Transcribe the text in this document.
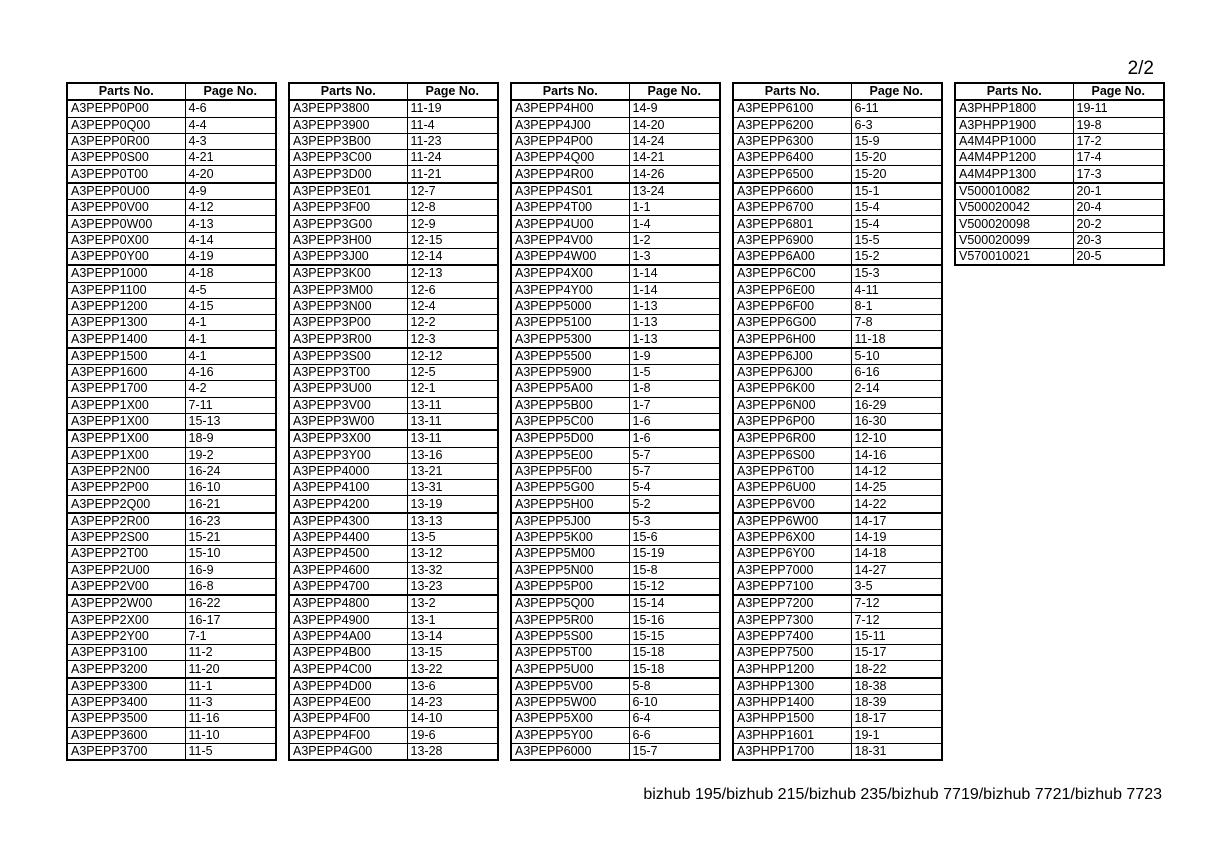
2/2
Parts No.	Page No.
A3PEPP0P00	4-6
A3PEPP0Q00	4-4
A3PEPP0R00	4-3
A3PEPP0S00	4-21
A3PEPP0T00	4-20
A3PEPP0U00	4-9
A3PEPP0V00	4-12
A3PEPP0W00	4-13
A3PEPP0X00	4-14
A3PEPP0Y00	4-19
A3PEPP1000	4-18
A3PEPP1100	4-5
A3PEPP1200	4-15
A3PEPP1300	4-1
A3PEPP1400	4-1
A3PEPP1500	4-1
A3PEPP1600	4-16
A3PEPP1700	4-2
A3PEPP1X00	7-11
A3PEPP1X00	15-13
A3PEPP1X00	18-9
A3PEPP1X00	19-2
A3PEPP2N00	16-24
A3PEPP2P00	16-10
A3PEPP2Q00	16-21
A3PEPP2R00	16-23
A3PEPP2S00	15-21
A3PEPP2T00	15-10
A3PEPP2U00	16-9
A3PEPP2V00	16-8
A3PEPP2W00	16-22
A3PEPP2X00	16-17
A3PEPP2Y00	7-1
A3PEPP3100	11-2
A3PEPP3200	11-20
A3PEPP3300	11-1
A3PEPP3400	11-3
A3PEPP3500	11-16
A3PEPP3600	11-10
A3PEPP3700	11-5
Parts No.	Page No.
A3PEPP3800	11-19
A3PEPP3900	11-4
A3PEPP3B00	11-23
A3PEPP3C00	11-24
A3PEPP3D00	11-21
A3PEPP3E01	12-7
A3PEPP3F00	12-8
A3PEPP3G00	12-9
A3PEPP3H00	12-15
A3PEPP3J00	12-14
A3PEPP3K00	12-13
A3PEPP3M00	12-6
A3PEPP3N00	12-4
A3PEPP3P00	12-2
A3PEPP3R00	12-3
A3PEPP3S00	12-12
A3PEPP3T00	12-5
A3PEPP3U00	12-1
A3PEPP3V00	13-11
A3PEPP3W00	13-11
A3PEPP3X00	13-11
A3PEPP3Y00	13-16
A3PEPP4000	13-21
A3PEPP4100	13-31
A3PEPP4200	13-19
A3PEPP4300	13-13
A3PEPP4400	13-5
A3PEPP4500	13-12
A3PEPP4600	13-32
A3PEPP4700	13-23
A3PEPP4800	13-2
A3PEPP4900	13-1
A3PEPP4A00	13-14
A3PEPP4B00	13-15
A3PEPP4C00	13-22
A3PEPP4D00	13-6
A3PEPP4E00	14-23
A3PEPP4F00	14-10
A3PEPP4F00	19-6
A3PEPP4G00	13-28
Parts No.	Page No.
A3PEPP4H00	14-9
A3PEPP4J00	14-20
A3PEPP4P00	14-24
A3PEPP4Q00	14-21
A3PEPP4R00	14-26
A3PEPP4S01	13-24
A3PEPP4T00	1-1
A3PEPP4U00	1-4
A3PEPP4V00	1-2
A3PEPP4W00	1-3
A3PEPP4X00	1-14
A3PEPP4Y00	1-14
A3PEPP5000	1-13
A3PEPP5100	1-13
A3PEPP5300	1-13
A3PEPP5500	1-9
A3PEPP5900	1-5
A3PEPP5A00	1-8
A3PEPP5B00	1-7
A3PEPP5C00	1-6
A3PEPP5D00	1-6
A3PEPP5E00	5-7
A3PEPP5F00	5-7
A3PEPP5G00	5-4
A3PEPP5H00	5-2
A3PEPP5J00	5-3
A3PEPP5K00	15-6
A3PEPP5M00	15-19
A3PEPP5N00	15-8
A3PEPP5P00	15-12
A3PEPP5Q00	15-14
A3PEPP5R00	15-16
A3PEPP5S00	15-15
A3PEPP5T00	15-18
A3PEPP5U00	15-18
A3PEPP5V00	5-8
A3PEPP5W00	6-10
A3PEPP5X00	6-4
A3PEPP5Y00	6-6
A3PEPP6000	15-7
Parts No.	Page No.
A3PEPP6100	6-11
A3PEPP6200	6-3
A3PEPP6300	15-9
A3PEPP6400	15-20
A3PEPP6500	15-20
A3PEPP6600	15-1
A3PEPP6700	15-4
A3PEPP6801	15-4
A3PEPP6900	15-5
A3PEPP6A00	15-2
A3PEPP6C00	15-3
A3PEPP6E00	4-11
A3PEPP6F00	8-1
A3PEPP6G00	7-8
A3PEPP6H00	11-18
A3PEPP6J00	5-10
A3PEPP6J00	6-16
A3PEPP6K00	2-14
A3PEPP6N00	16-29
A3PEPP6P00	16-30
A3PEPP6R00	12-10
A3PEPP6S00	14-16
A3PEPP6T00	14-12
A3PEPP6U00	14-25
A3PEPP6V00	14-22
A3PEPP6W00	14-17
A3PEPP6X00	14-19
A3PEPP6Y00	14-18
A3PEPP7000	14-27
A3PEPP7100	3-5
A3PEPP7200	7-12
A3PEPP7300	7-12
A3PEPP7400	15-11
A3PEPP7500	15-17
A3PHPP1200	18-22
A3PHPP1300	18-38
A3PHPP1400	18-39
A3PHPP1500	18-17
A3PHPP1601	19-1
A3PHPP1700	18-31
Parts No.	Page No.
A3PHPP1800	19-11
A3PHPP1900	19-8
A4M4PP1000	17-2
A4M4PP1200	17-4
A4M4PP1300	17-3
V500010082	20-1
V500020042	20-4
V500020098	20-2
V500020099	20-3
V570010021	20-5
bizhub 195/bizhub 215/bizhub 235/bizhub 7719/bizhub 7721/bizhub 7723
